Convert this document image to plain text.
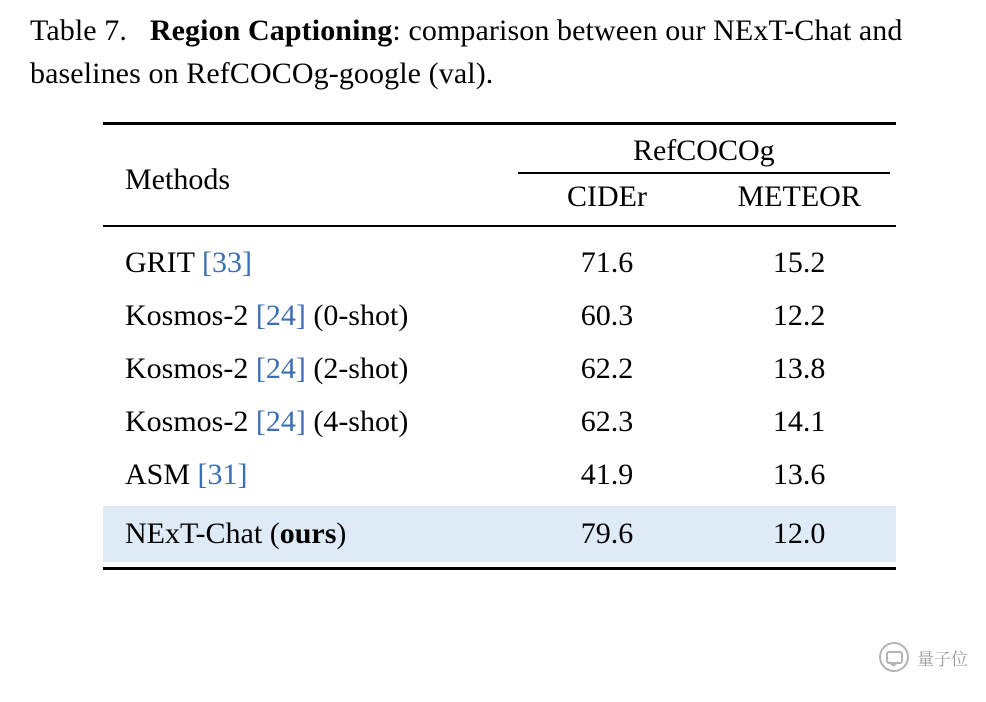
Table 7. Region Captioning: comparison between our NExT-Chat and baselines on RefCOCOg-google (val).

Methods	RefCOCOg	

	CIDEr	METEOR

GRIT [33]	71.6	15.2
Kosmos-2 [24] (0-shot)	60.3	12.2
Kosmos-2 [24] (2-shot)	62.2	13.8
Kosmos-2 [24] (4-shot)	62.3	14.1
ASM [31]	41.9	13.6

NExT-Chat (ours)	79.6	12.0

量子位
